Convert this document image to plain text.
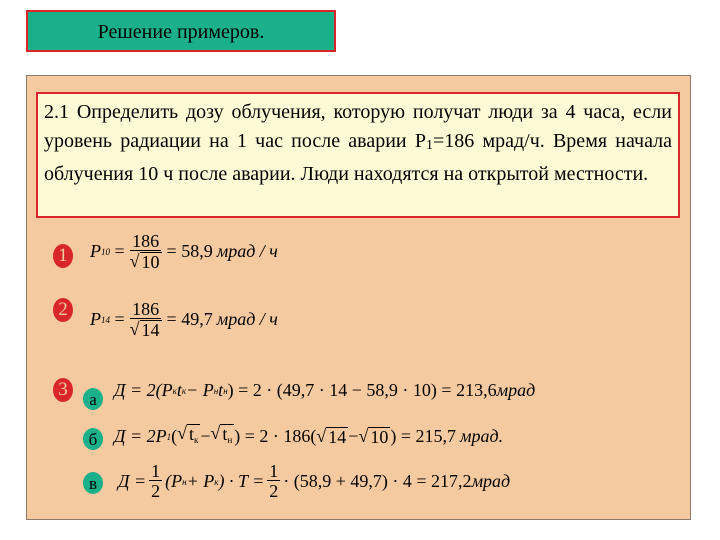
Решение примеров.

2.1 Определить дозу облучения, которую получат люди за 4 часа, если уровень радиации на 1 час после аварии $Р_1=186$ мрад/ч. Время начала облучения 10 ч после аварии. Люди находятся на открытой местности.

1
2
3	а
б
в
P $10 = \frac{186}{√ 10} = 58,9$ мрад / ч
P $14 = \frac{186}{√ 14} = 49,7$ мрад / ч
Д = 2(P к t к − P н t н ) = 2 · (49,7 · 14 − 58,9 · 10) = 213,6 мрад
Д = 2P 1 ( √ $t_к$ − √ $t_н$ ) = 2 · 186( √ 14 − √ 10 ) = 215,7 мрад.
$Д = \frac{1}{2} (P$ н + P к ) · $T = \frac{1}{2} \cdot (58,9 + 49,7) \cdot 4 = 217,2$ мрад
